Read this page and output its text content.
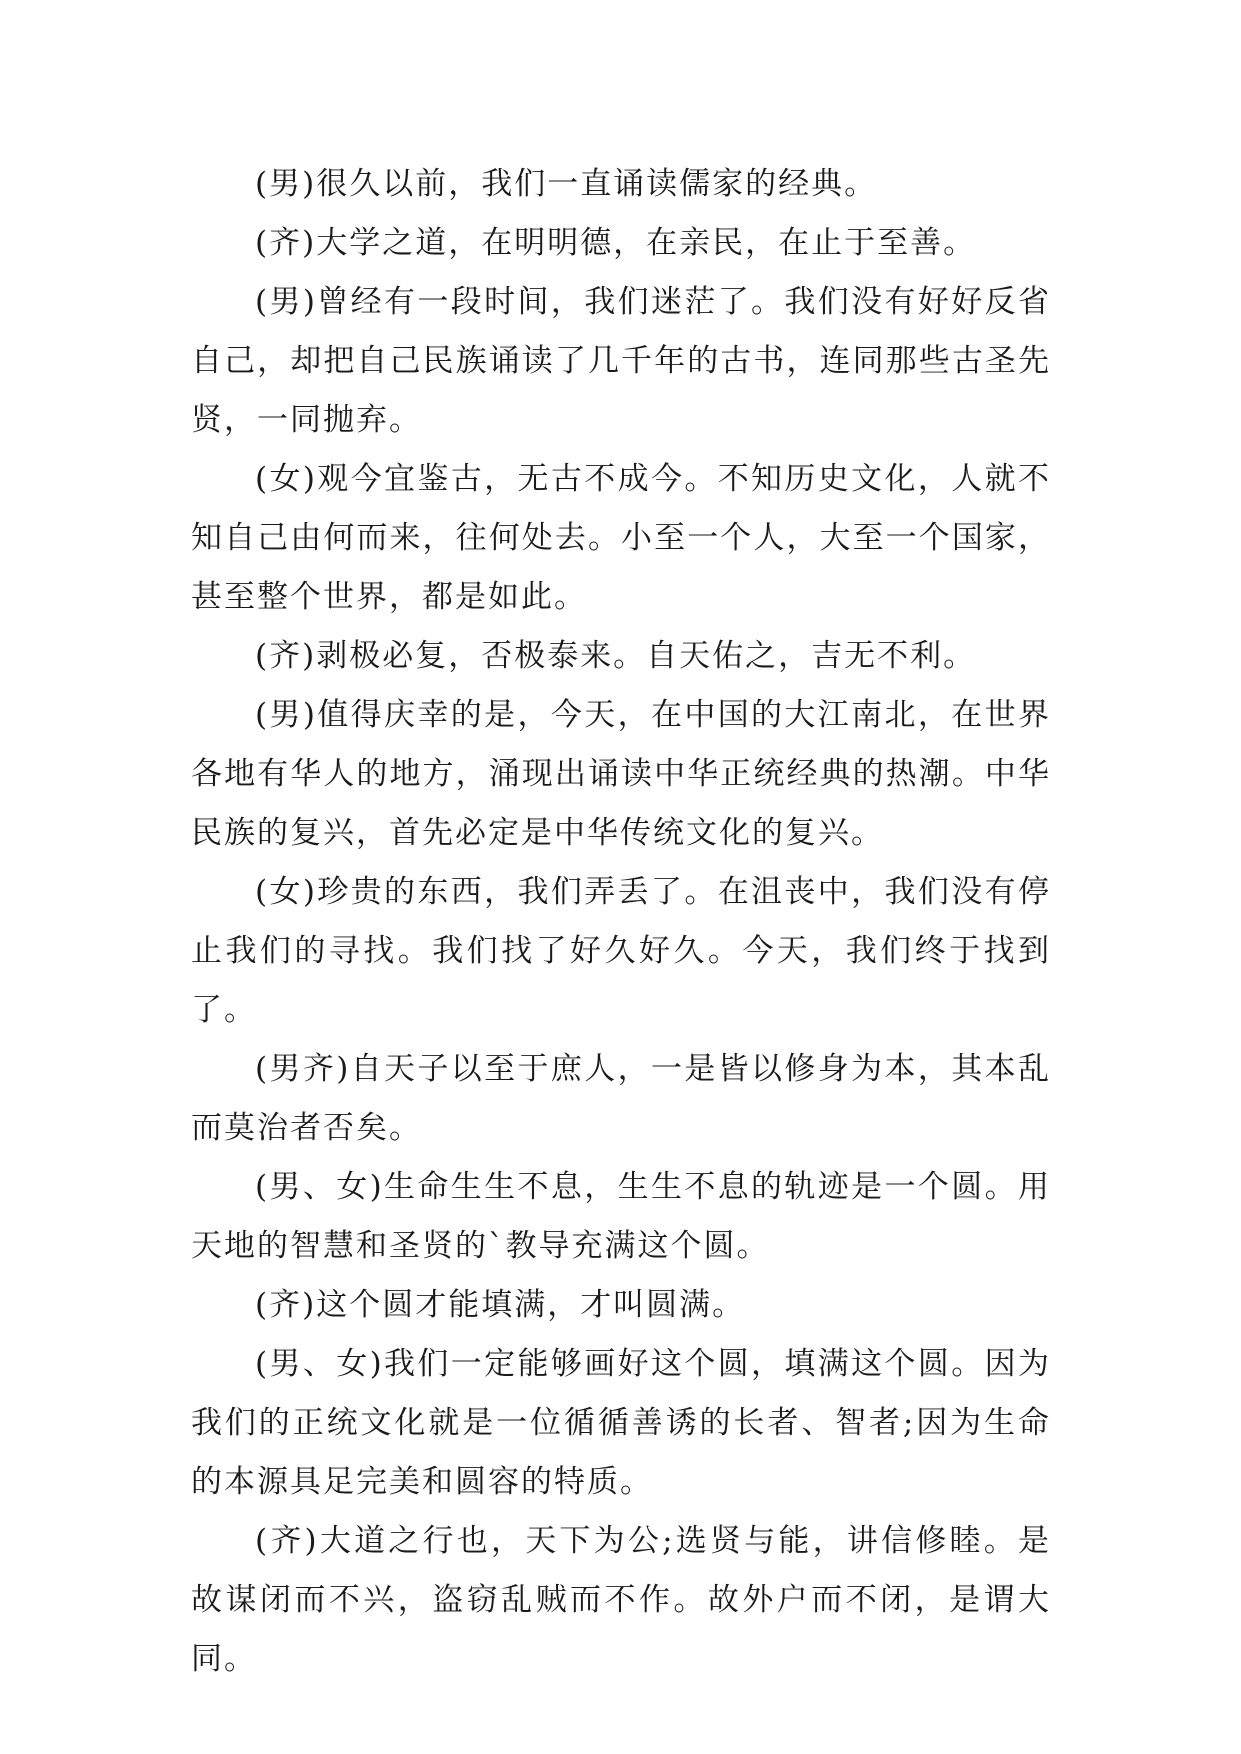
(男)很久以前，我们一直诵读儒家的经典。

(齐)大学之道，在明明德，在亲民，在止于至善。

(男)曾经有一段时间，我们迷茫了。我们没有好好反省自己，却把自己民族诵读了几千年的古书，连同那些古圣先贤，一同抛弃。

(女)观今宜鉴古，无古不成今。不知历史文化，人就不知自己由何而来，往何处去。小至一个人，大至一个国家，甚至整个世界，都是如此。

(齐)剥极必复，否极泰来。自天佑之，吉无不利。

(男)值得庆幸的是，今天，在中国的大江南北，在世界各地有华人的地方，涌现出诵读中华正统经典的热潮。中华民族的复兴，首先必定是中华传统文化的复兴。

(女)珍贵的东西，我们弄丢了。在沮丧中，我们没有停止我们的寻找。我们找了好久好久。今天，我们终于找到了。

(男齐)自天子以至于庶人，一是皆以修身为本，其本乱而莫治者否矣。

(男、女)生命生生不息，生生不息的轨迹是一个圆。用天地的智慧和圣贤的`教导充满这个圆。

(齐)这个圆才能填满，才叫圆满。

(男、女)我们一定能够画好这个圆，填满这个圆。因为我们的正统文化就是一位循循善诱的长者、智者;因为生命的本源具足完美和圆容的特质。

(齐)大道之行也，天下为公;选贤与能，讲信修睦。是故谋闭而不兴，盗窃乱贼而不作。故外户而不闭，是谓大同。
